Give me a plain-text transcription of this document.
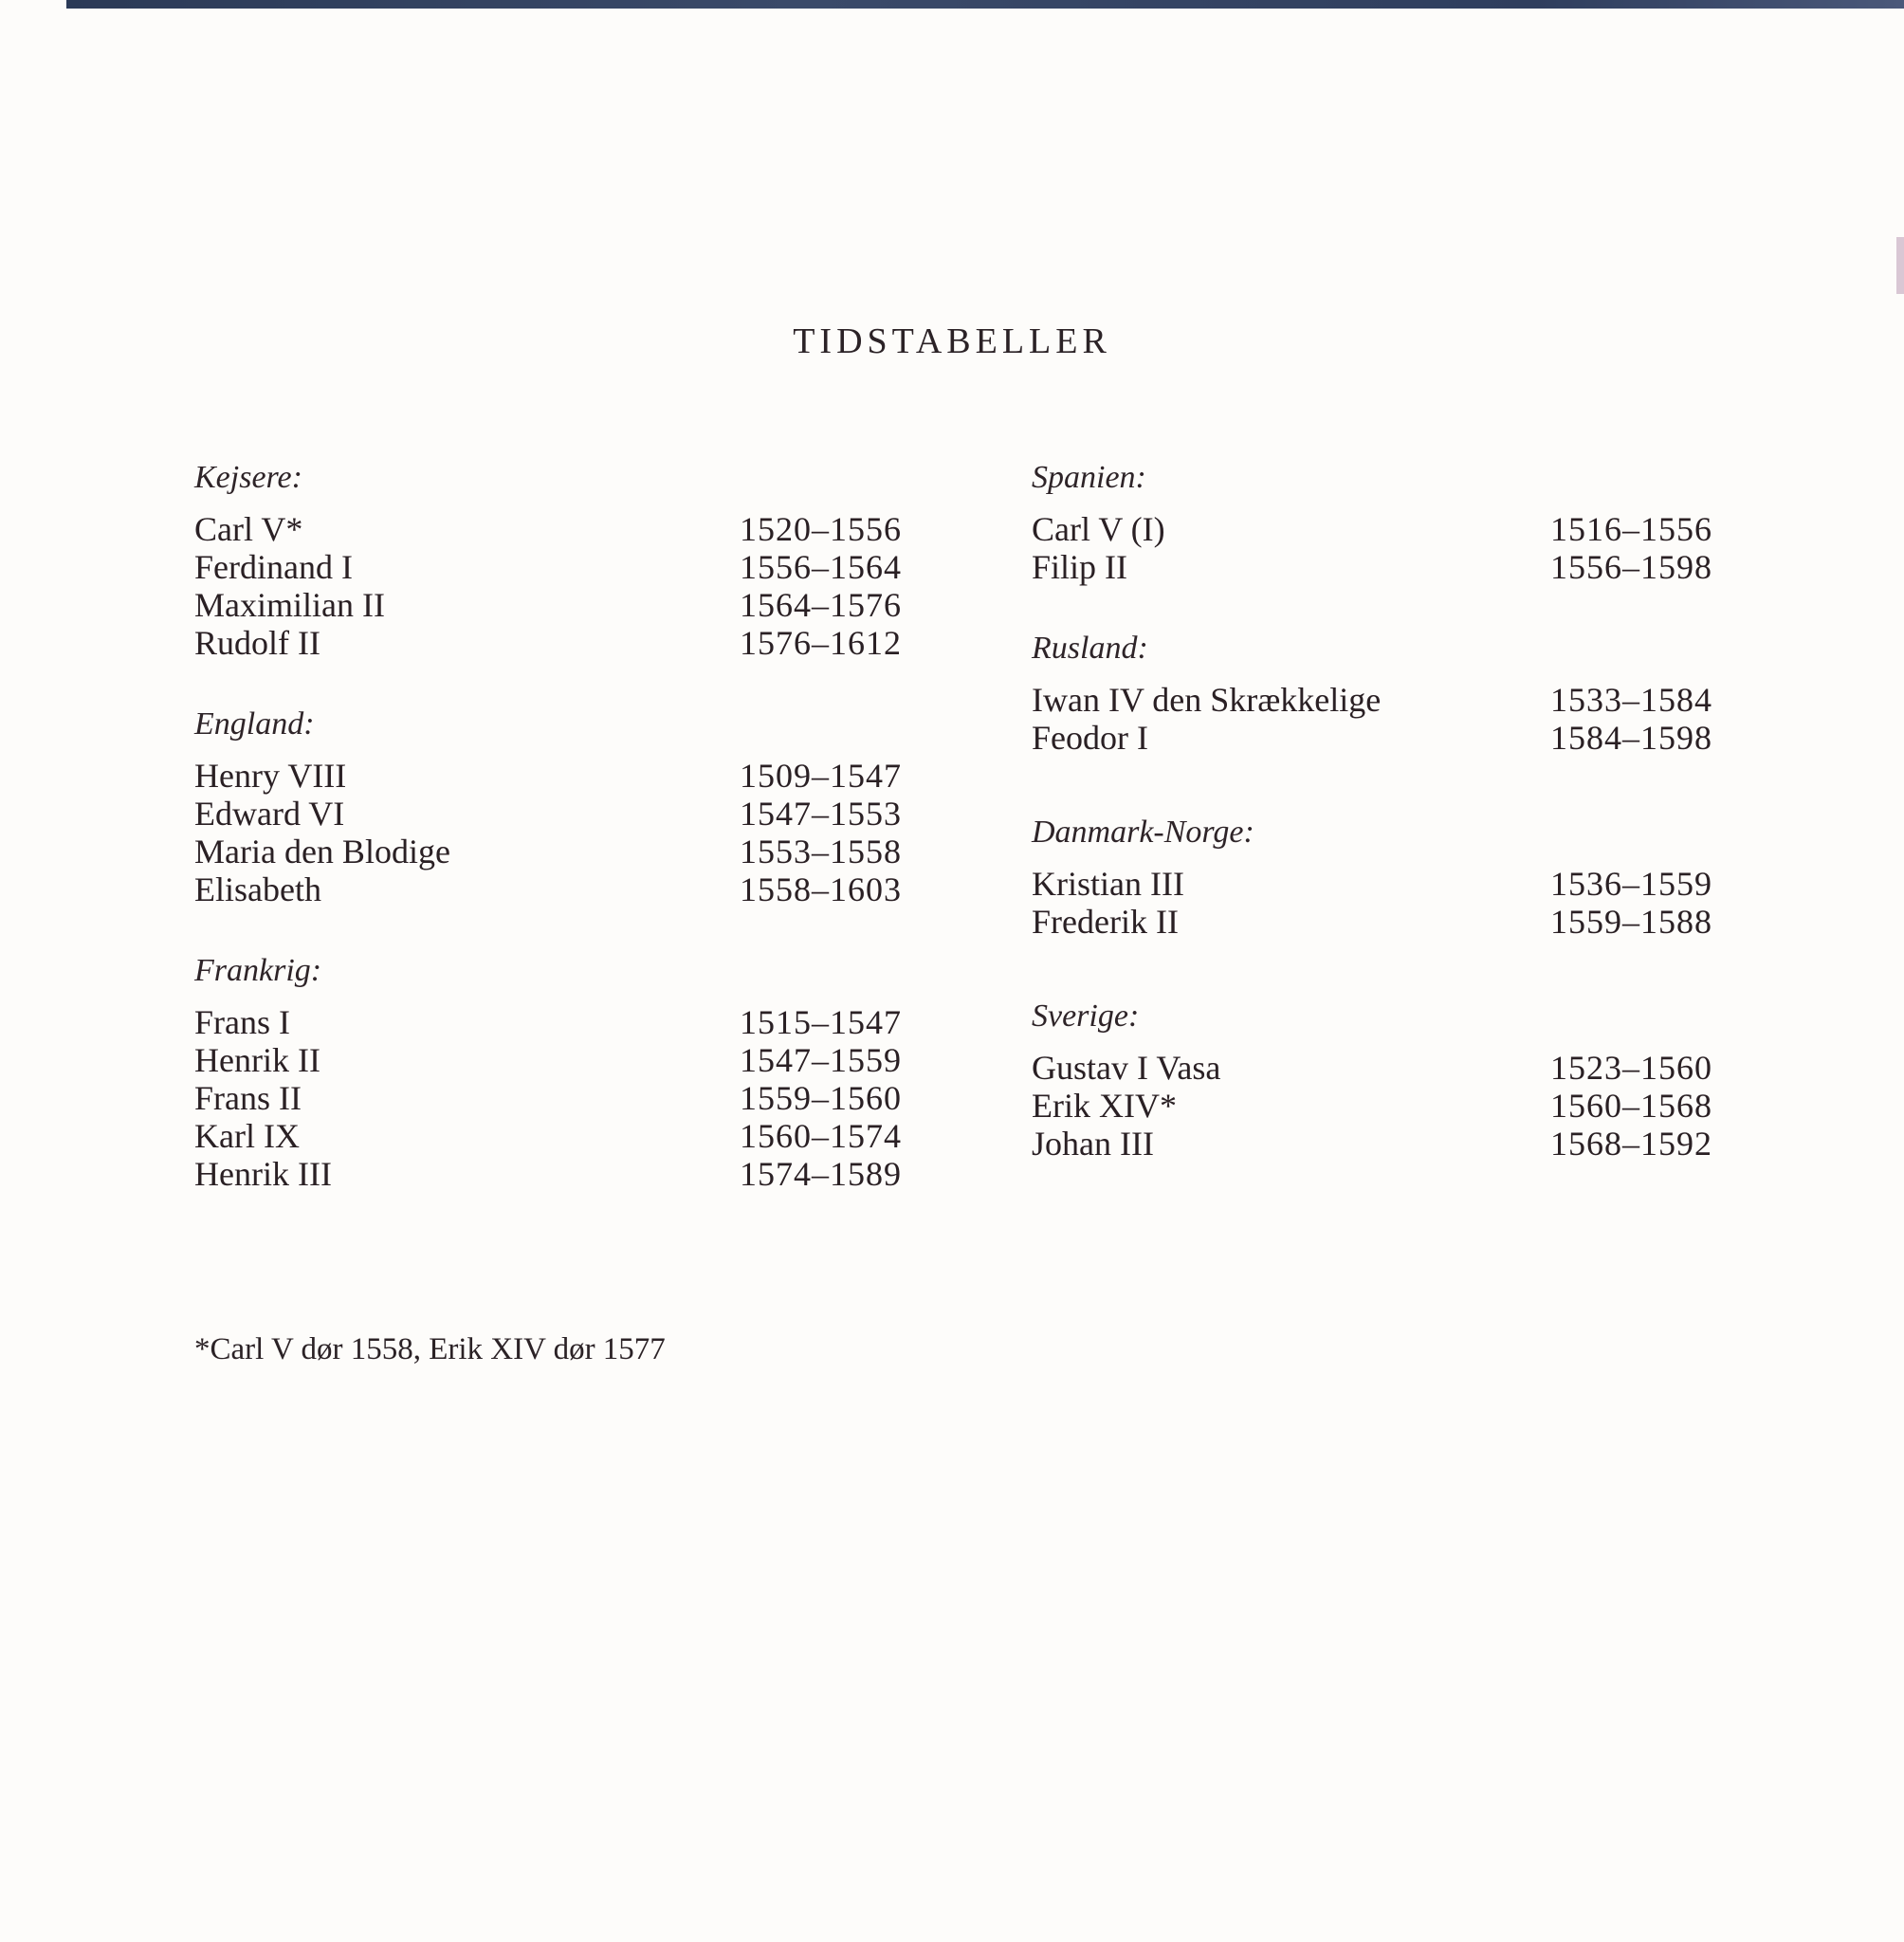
TIDSTABELLER
Kejsere:
Carl V*	1520–1556
Ferdinand I	1556–1564
Maximilian II	1564–1576
Rudolf II	1576–1612
England:
Henry VIII	1509–1547
Edward VI	1547–1553
Maria den Blodige	1553–1558
Elisabeth	1558–1603
Frankrig:
Frans I	1515–1547
Henrik II	1547–1559
Frans II	1559–1560
Karl IX	1560–1574
Henrik III	1574–1589
Spanien:
Carl V (I)	1516–1556
Filip II	1556–1598
Rusland:
Iwan IV den Skrækkelige	1533–1584
Feodor I	1584–1598
Danmark-Norge:
Kristian III	1536–1559
Frederik II	1559–1588
Sverige:
Gustav I Vasa	1523–1560
Erik XIV*	1560–1568
Johan III	1568–1592
*Carl V dør 1558, Erik XIV dør 1577
